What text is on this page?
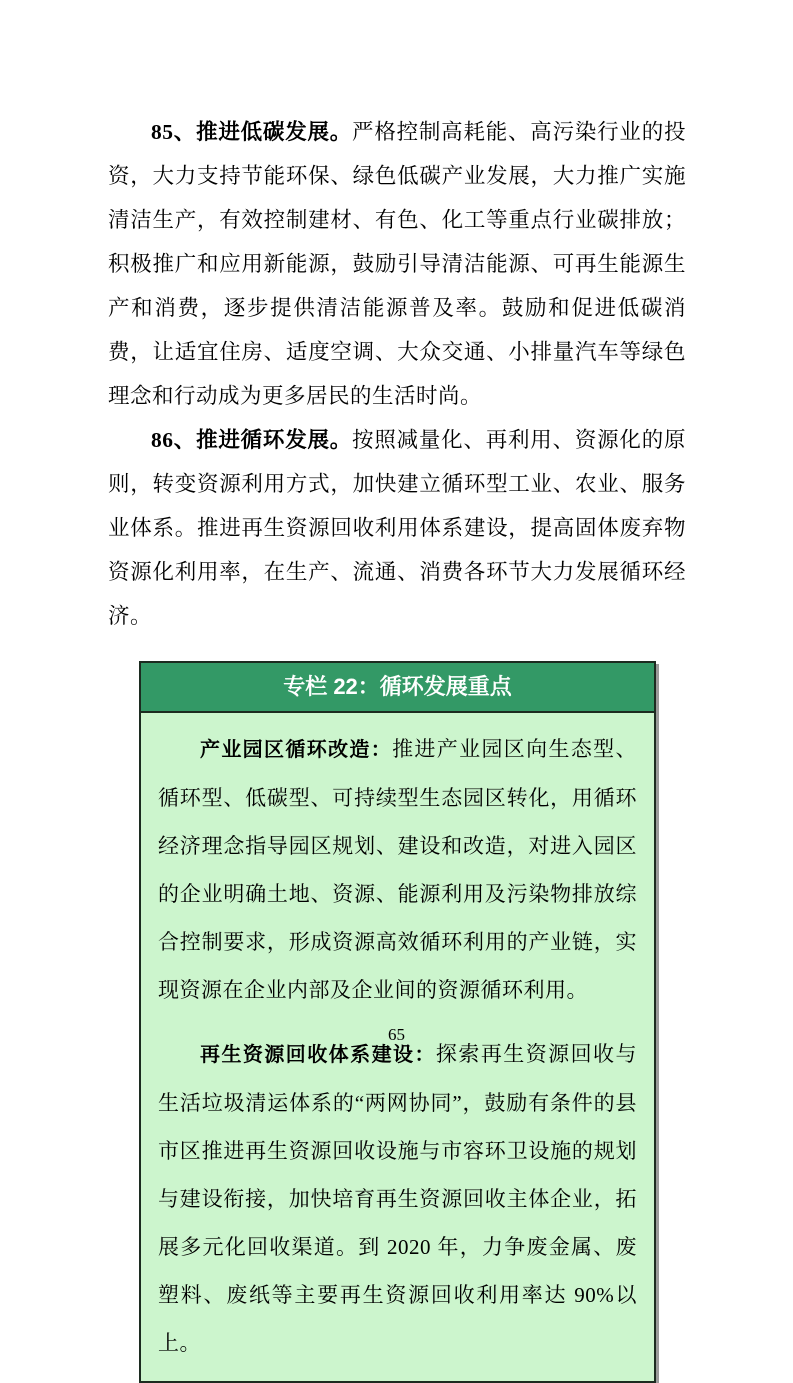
85、推进低碳发展。严格控制高耗能、高污染行业的投资，大力支持节能环保、绿色低碳产业发展，大力推广实施清洁生产，有效控制建材、有色、化工等重点行业碳排放；积极推广和应用新能源，鼓励引导清洁能源、可再生能源生产和消费，逐步提供清洁能源普及率。鼓励和促进低碳消费，让适宜住房、适度空调、大众交通、小排量汽车等绿色理念和行动成为更多居民的生活时尚。

86、推进循环发展。按照减量化、再利用、资源化的原则，转变资源利用方式，加快建立循环型工业、农业、服务业体系。推进再生资源回收利用体系建设，提高固体废弃物资源化利用率，在生产、流通、消费各环节大力发展循环经济。

专栏 22：循环发展重点

产业园区循环改造：推进产业园区向生态型、循环型、低碳型、可持续型生态园区转化，用循环经济理念指导园区规划、建设和改造，对进入园区的企业明确土地、资源、能源利用及污染物排放综合控制要求，形成资源高效循环利用的产业链，实现资源在企业内部及企业间的资源循环利用。

再生资源回收体系建设：探索再生资源回收与生活垃圾清运体系的“两网协同”，鼓励有条件的县市区推进再生资源回收设施与市容环卫设施的规划与建设衔接，加快培育再生资源回收主体企业，拓展多元化回收渠道。到 2020 年，力争废金属、废塑料、废纸等主要再生资源回收利用率达 90%以上。

65
